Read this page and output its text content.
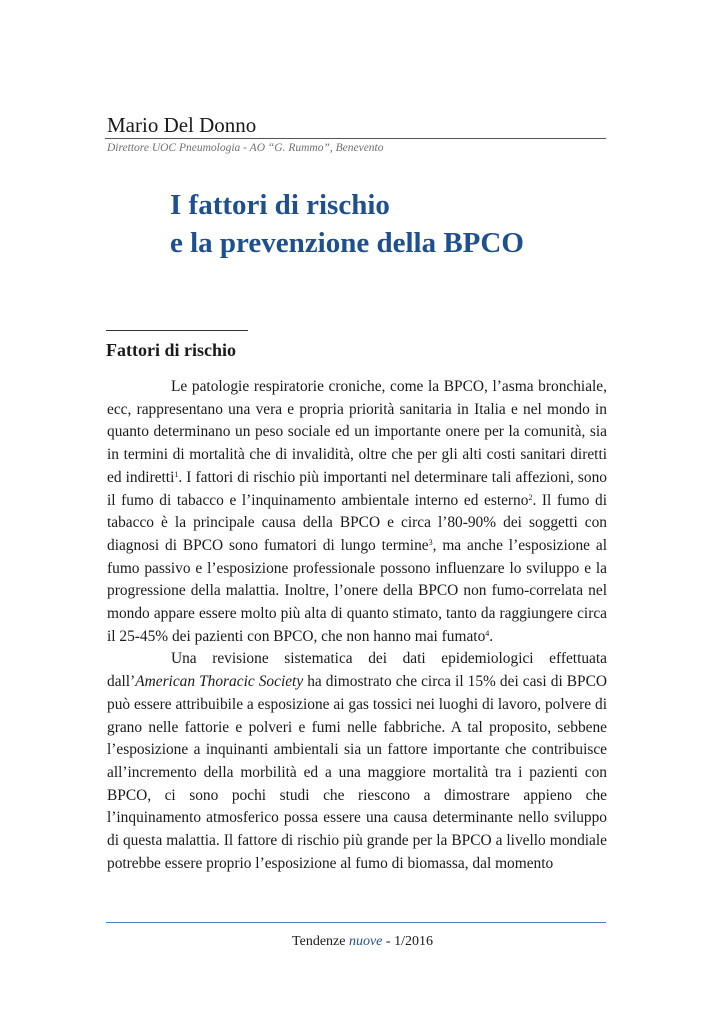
Mario Del Donno
Direttore UOC Pneumologia - AO “G. Rummo”, Benevento
I fattori di rischio
e la prevenzione della BPCO
Fattori di rischio

Le patologie respiratorie croniche, come la BPCO, l’asma bronchiale, ecc, rappresentano una vera e propria priorità sanitaria in Italia e nel mondo in quanto determinano un peso sociale ed un importante onere per la comunità, sia in termini di mortalità che di invalidità, oltre che per gli alti costi sanitari diretti ed indiretti$^1$. I fattori di rischio più importanti nel determinare tali affezioni, sono il fumo di tabacco e l’inquinamento ambientale interno ed esterno$^2$. Il fumo di tabacco è la principale causa della BPCO e circa l’80-90% dei soggetti con diagnosi di BPCO sono fumatori di lungo termine$^3$, ma anche l’esposizione al fumo passivo e l’esposizione professionale possono influenzare lo sviluppo e la progressione della malattia. Inoltre, l’onere della BPCO non fumo-correlata nel mondo appare essere molto più alta di quanto stimato, tanto da raggiungere circa il 25-45% dei pazienti con BPCO, che non hanno mai fumato$^4$.

Una revisione sistematica dei dati epidemiologici effettuata dall’American Thoracic Society ha dimostrato che circa il 15% dei casi di BPCO può essere attribuibile a esposizione ai gas tossici nei luoghi di lavoro, polvere di grano nelle fattorie e polveri e fumi nelle fabbriche. A tal proposito, sebbene l’esposizione a inquinanti ambientali sia un fattore importante che contribuisce all’incremento della morbilità ed a una maggiore mortalità tra i pazienti con BPCO, ci sono pochi studi che riescono a dimostrare appieno che l’inquinamento atmosferico possa essere una causa determinante nello sviluppo di questa malattia. Il fattore di rischio più grande per la BPCO a livello mondiale potrebbe essere proprio l’esposizione al fumo di biomassa, dal momento

Tendenze nuove - 1/2016
